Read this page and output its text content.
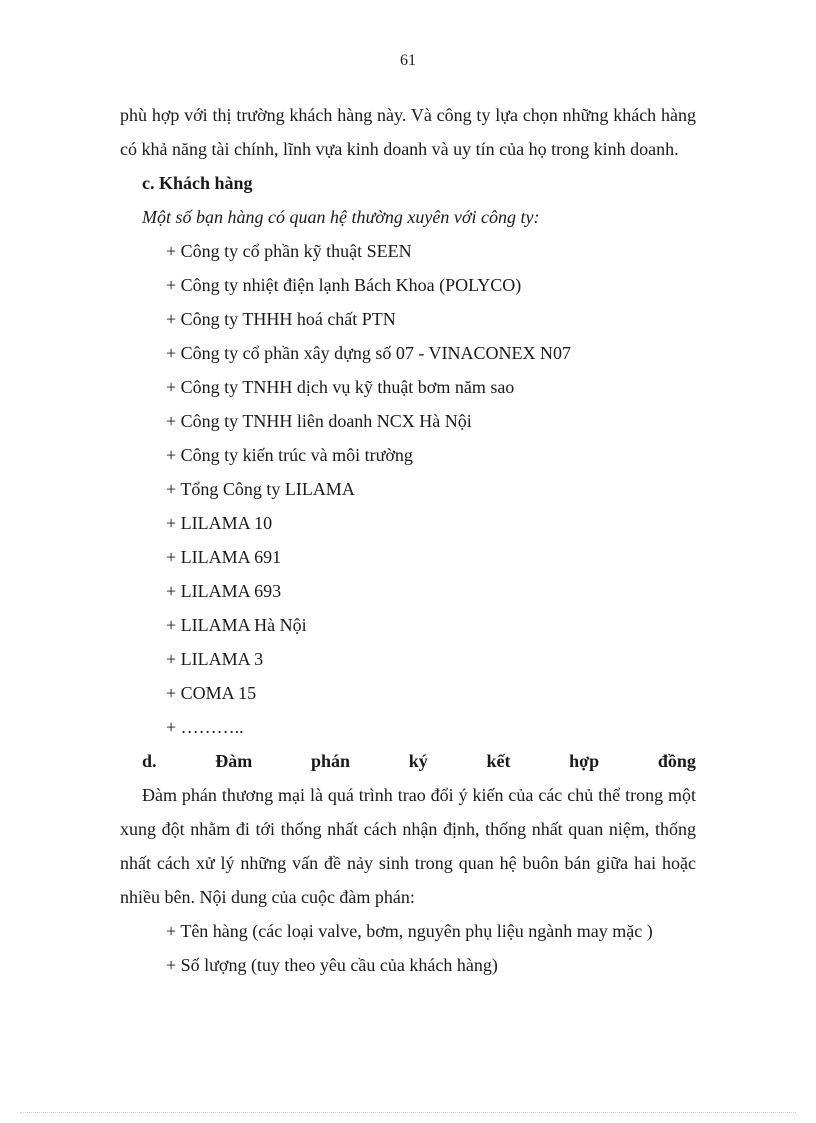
61

phù hợp với thị trường khách hàng này. Và công ty lựa chọn những khách hàng có khả năng tài chính, lĩnh vựa kinh doanh và uy tín của họ trong kinh doanh.

c. Khách hàng

Một số bạn hàng có quan hệ thường xuyên với công ty:

+ Công ty cổ phần kỹ thuật SEEN
+ Công ty nhiệt điện lạnh Bách Khoa (POLYCO)
+ Công ty THHH hoá chất PTN
+ Công ty cổ phần xây dựng số 07 - VINACONEX N07
+ Công ty TNHH dịch vụ kỹ thuật bơm năm sao
+ Công ty TNHH liên doanh NCX Hà Nội
+ Công ty kiến trúc và môi trường
+ Tổng Công ty LILAMA
+ LILAMA 10
+ LILAMA 691
+ LILAMA 693
+ LILAMA Hà Nội
+ LILAMA 3
+ COMA 15
+ ………..
d.	Đàm	phán	ký	kết	hợp	đồng

Đàm phán thương mại là quá trình trao đổi ý kiến của các chủ thể trong một xung đột nhằm đi tới thống nhất cách nhận định, thống nhất quan niệm, thống nhất cách xử lý những vấn đề nảy sinh trong quan hệ buôn bán giữa hai hoặc nhiều bên. Nội dung của cuộc đàm phán:

+ Tên hàng (các loại valve, bơm, nguyên phụ liệu ngành may mặc )
+ Số lượng (tuy theo yêu cầu của khách hàng)
